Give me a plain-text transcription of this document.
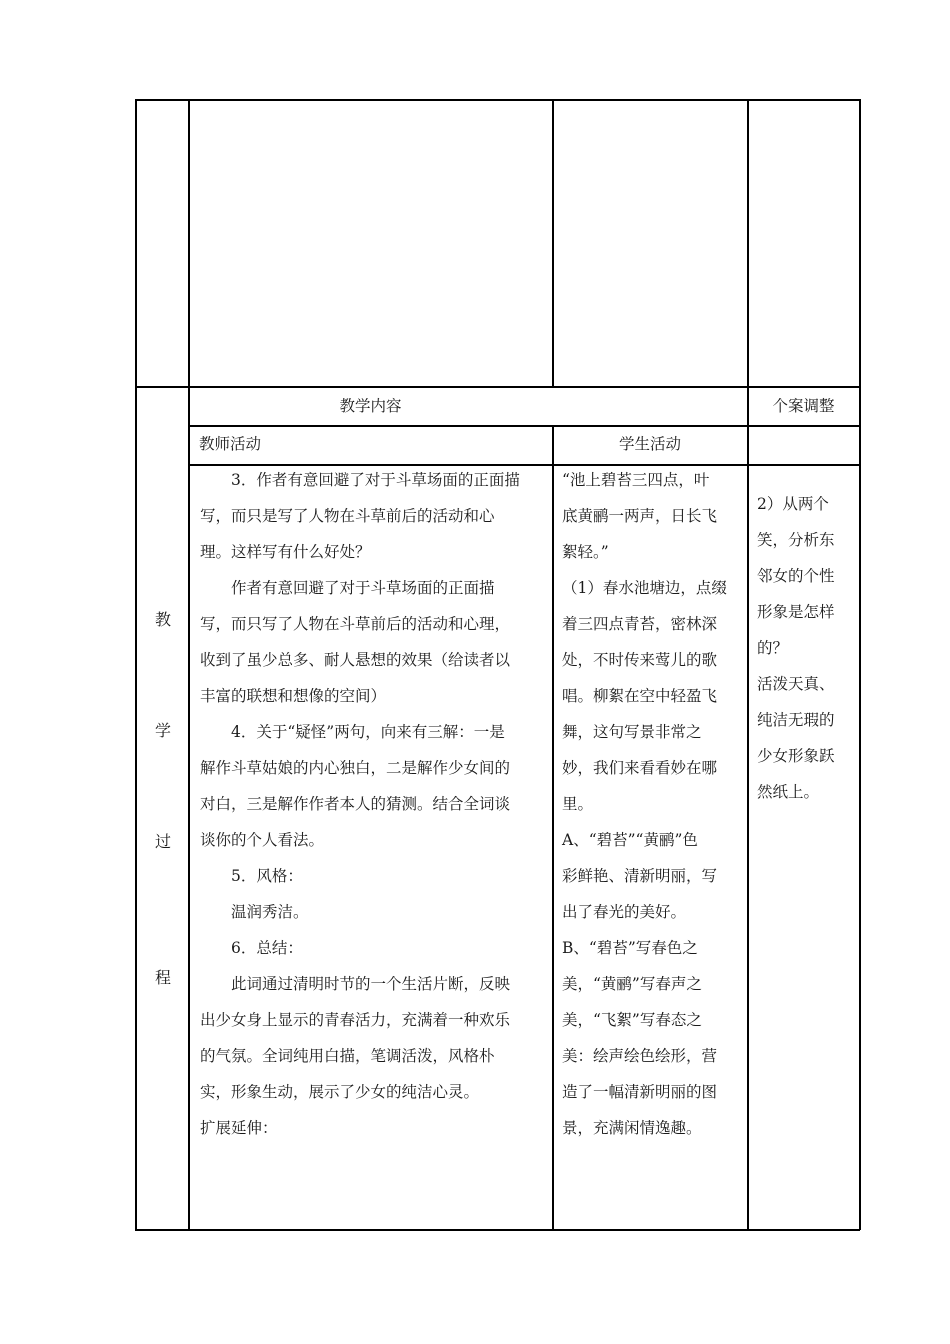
教学内容	个案调整
教师活动	学生活动
教
学
过
程
3．作者有意回避了对于斗草场面的正面描
写，而只是写了人物在斗草前后的活动和心
理。这样写有什么好处？
作者有意回避了对于斗草场面的正面描
写，而只写了人物在斗草前后的活动和心理，
收到了虽少总多、耐人悬想的效果（给读者以
丰富的联想和想像的空间）
4．关于“疑怪”两句，向来有三解：一是
解作斗草姑娘的内心独白，二是解作少女间的
对白，三是解作作者本人的猜测。结合全词谈
谈你的个人看法。
5．风格：
温润秀洁。
6．总结：
此词通过清明时节的一个生活片断，反映
出少女身上显示的青春活力，充满着一种欢乐
的气氛。全词纯用白描，笔调活泼，风格朴
实，形象生动，展示了少女的纯洁心灵。
扩展延伸：
“池上碧苔三四点，叶
底黄鹂一两声，日长飞
絮轻。”
（1）春水池塘边，点缀
着三四点青苔，密林深
处，不时传来莺儿的歌
唱。柳絮在空中轻盈飞
舞，这句写景非常之
妙，我们来看看妙在哪
里。
A、“碧苔”“黄鹂”色
彩鲜艳、清新明丽，写
出了春光的美好。
B、“碧苔”写春色之
美，“黄鹂”写春声之
美，“飞絮”写春态之
美：绘声绘色绘形，营
造了一幅清新明丽的图
景，充满闲情逸趣。
2）从两个
笑，分析东
邻女的个性
形象是怎样
的？
活泼天真、
纯洁无瑕的
少女形象跃
然纸上。
